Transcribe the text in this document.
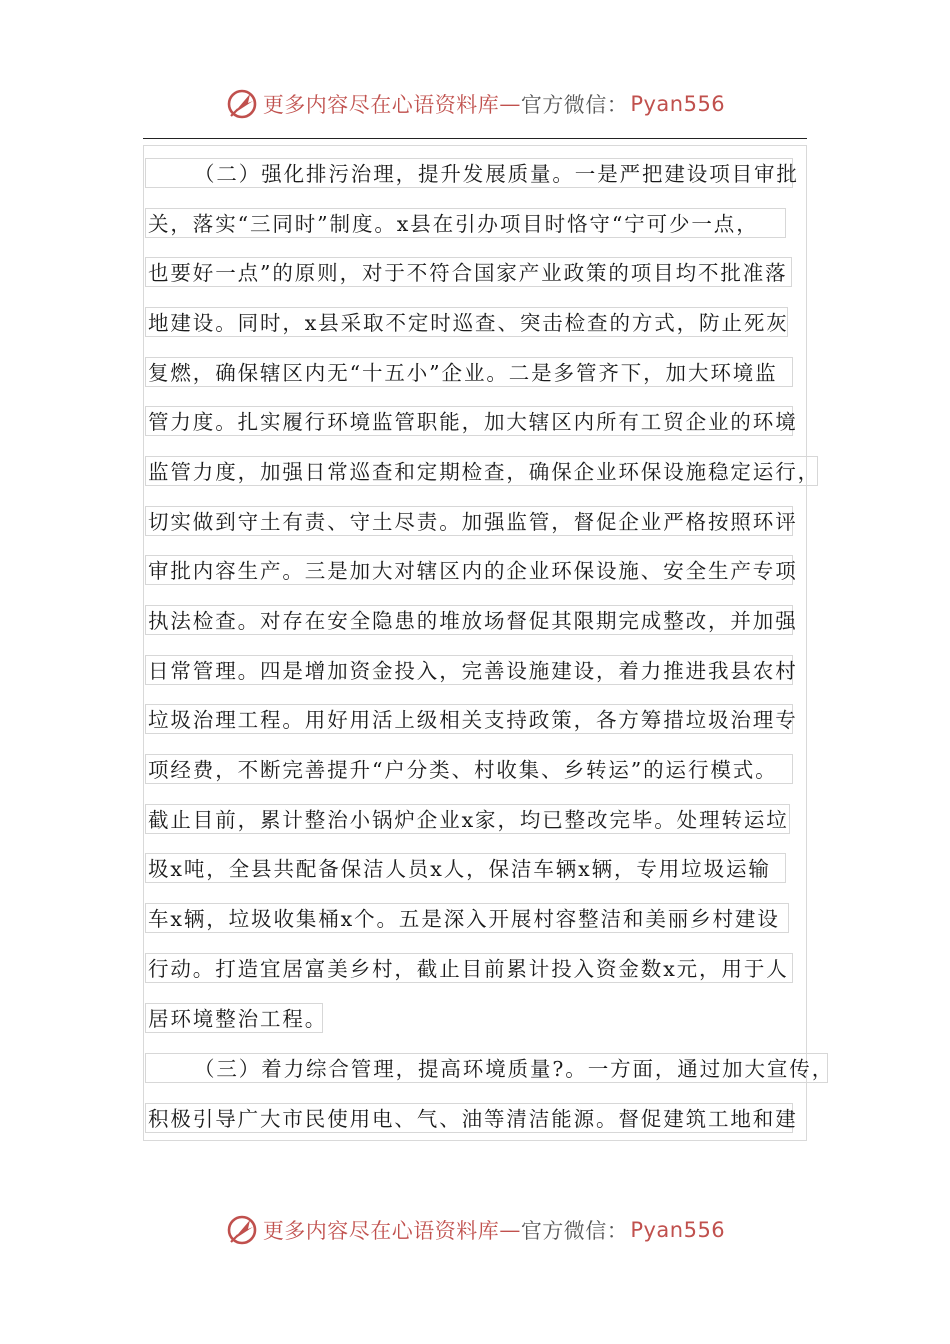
更多内容尽在心语资料库 — 官方微信： Pyan556
（二）强化排污治理，提升发展质量。一是严把建设项目审批
关，落实“三同时”制度。x县在引办项目时恪守“宁可少一点，
也要好一点”的原则，对于不符合国家产业政策的项目均不批准落
地建设。同时，x县采取不定时巡查、突击检查的方式，防止死灰
复燃，确保辖区内无“十五小”企业。二是多管齐下，加大环境监
管力度。扎实履行环境监管职能，加大辖区内所有工贸企业的环境
监管力度，加强日常巡查和定期检查，确保企业环保设施稳定运行，
切实做到守土有责、守土尽责。加强监管，督促企业严格按照环评
审批内容生产。三是加大对辖区内的企业环保设施、安全生产专项
执法检查。对存在安全隐患的堆放场督促其限期完成整改，并加强
日常管理。四是增加资金投入，完善设施建设，着力推进我县农村
垃圾治理工程。用好用活上级相关支持政策，各方筹措垃圾治理专
项经费，不断完善提升“户分类、村收集、乡转运”的运行模式。
截止目前，累计整治小锅炉企业x家，均已整改完毕。处理转运垃
圾x吨，全县共配备保洁人员x人，保洁车辆x辆，专用垃圾运输
车x辆，垃圾收集桶x个。五是深入开展村容整洁和美丽乡村建设
行动。打造宜居富美乡村，截止目前累计投入资金数x元，用于人
居环境整治工程。
（三）着力综合管理，提高环境质量?。一方面，通过加大宣传，
积极引导广大市民使用电、气、油等清洁能源。督促建筑工地和建
更多内容尽在心语资料库 — 官方微信： Pyan556
